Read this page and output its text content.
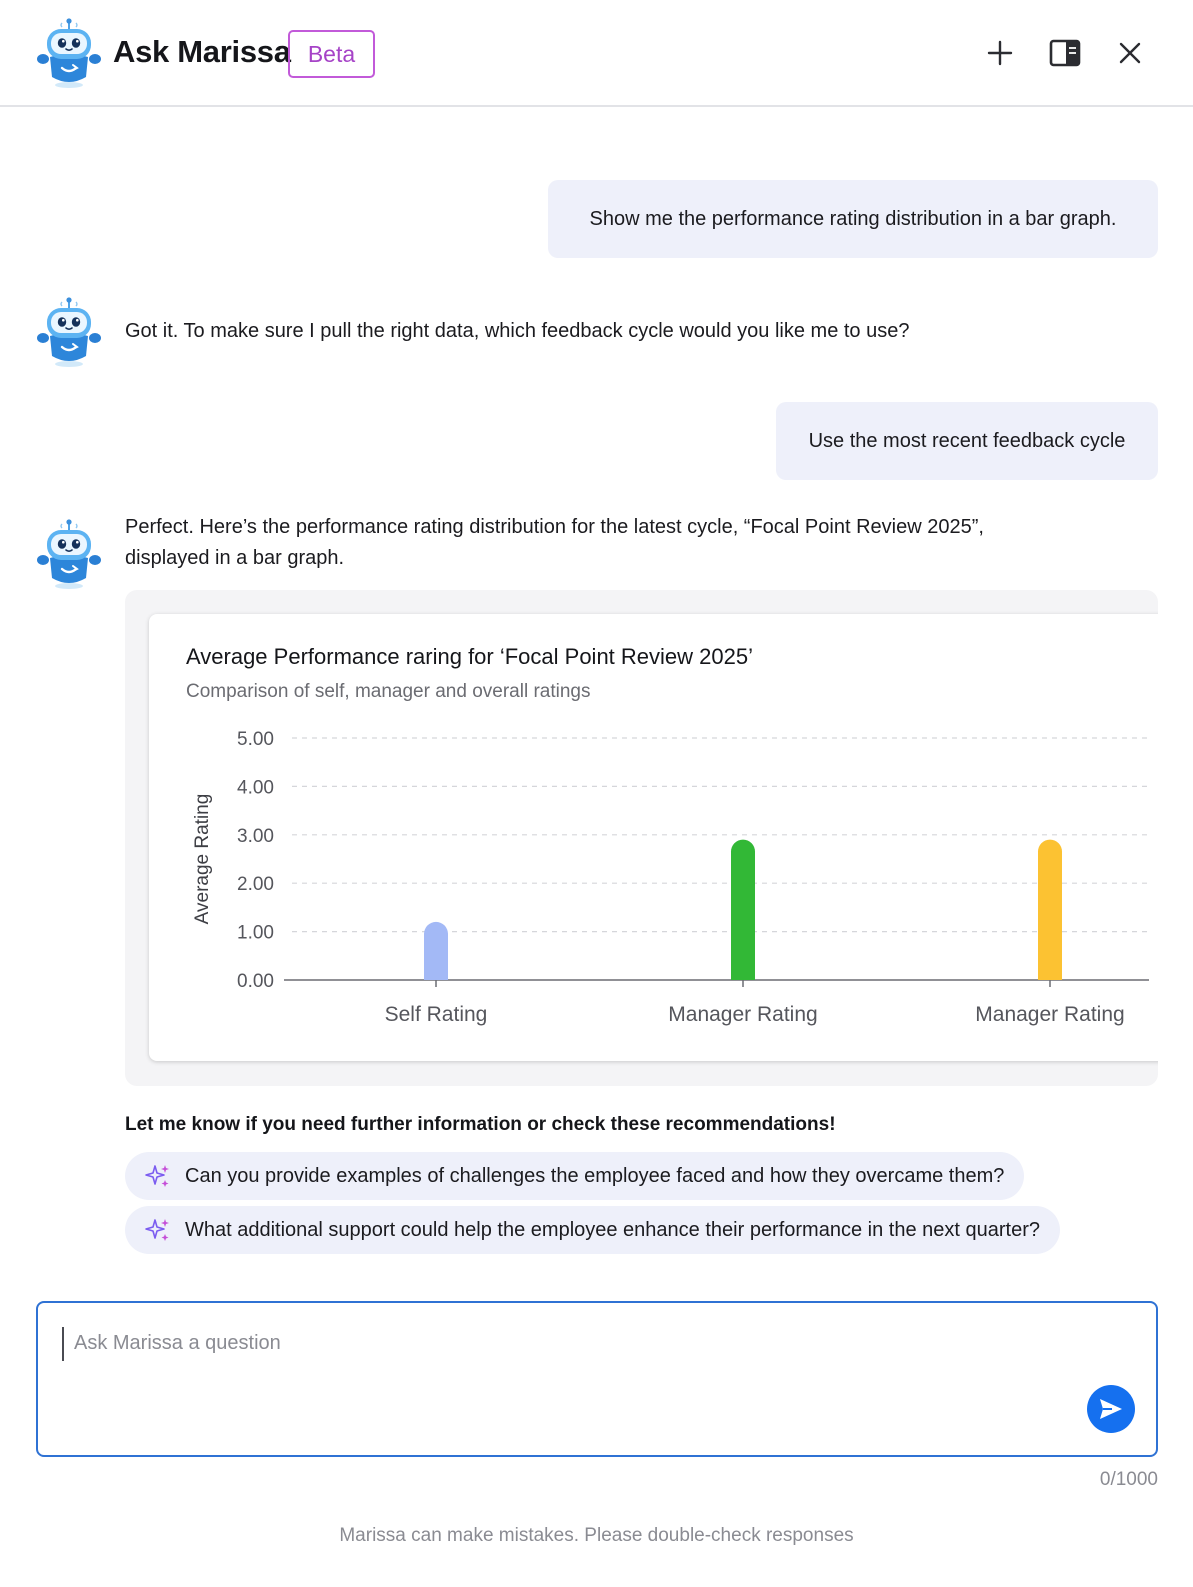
Ask Marissa Beta
Show me the performance rating distribution in a bar graph.
Got it. To make sure I pull the right data, which feedback cycle would you like me to use?
Use the most recent feedback cycle
Perfect. Here’s the performance rating distribution for the latest cycle, “Focal Point Review 2025”,
displayed in a bar graph.
Average Performance raring for ‘Focal Point Review 2025’
Comparison of self, manager and overall ratings
5.00
4.00
3.00
2.00
1.00
0.00
Average Rating
Self Rating	Manager Rating	Manager Rating
Let me know if you need further information or check these recommendations!
Can you provide examples of challenges the employee faced and how they overcame them?
What additional support could help the employee enhance their performance in the next quarter?
Ask Marissa a question
0/1000
Marissa can make mistakes. Please double-check responses
